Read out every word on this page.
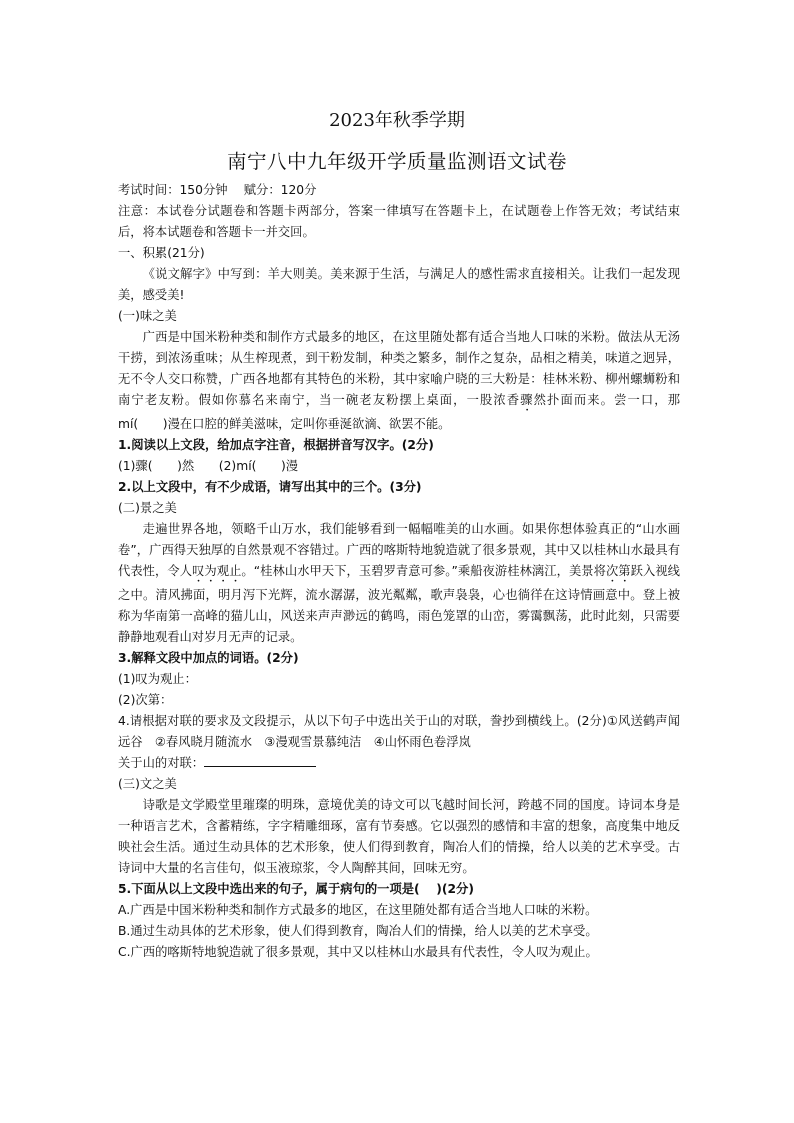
2023年秋季学期
南宁八中九年级开学质量监测语文试卷

考试时间：150分钟　 赋分：120分

注意：本试卷分试题卷和答题卡两部分，答案一律填写在答题卡上，在试题卷上作答无效；考试结束后，将本试题卷和答题卡一并交回。

一、积累(21分)

《说文解字》中写到：羊大则美。美来源于生活，与满足人的感性需求直接相关。让我们一起发现美，感受美!

(一)味之美

广西是中国米粉种类和制作方式最多的地区，在这里随处都有适合当地人口味的米粉。做法从无汤干捞，到浓汤重味；从生榨现煮，到干粉发制，种类之繁多，制作之复杂，品相之精美，味道之迥异，无不令人交口称赞，广西各地都有其特色的米粉，其中家喻户晓的三大粉是：桂林米粉、柳州螺蛳粉和南宁老友粉。假如你慕名来南宁，当一碗老友粉摆上桌面，一股浓香骤然扑面而来。尝一口，那 mí(　　)漫在口腔的鲜美滋味，定叫你垂涎欲滴、欲罢不能。

1.阅读以上文段，给加点字注音，根据拼音写汉字。(2分)

(1)骤(　　)然　　(2)mí(　　)漫

2.以上文段中，有不少成语，请写出其中的三个。(3分)

(二)景之美

走遍世界各地，领略千山万水，我们能够看到一幅幅唯美的山水画。如果你想体验真正的“山水画卷”，广西得天独厚的自然景观不容错过。广西的喀斯特地貌造就了很多景观，其中又以桂林山水最具有代表性，令人叹为观止。“桂林山水甲天下，玉碧罗青意可参。”乘船夜游桂林漓江，美景将次第跃入视线之中。清风拂面，明月泻下光辉，流水潺潺，波光粼粼，歌声袅袅，心也徜徉在这诗情画意中。登上被称为华南第一高峰的猫儿山，风送来声声渺远的鹤鸣，雨色笼罩的山峦，雾霭飘荡，此时此刻，只需要静静地观看山对岁月无声的记录。

3.解释文段中加点的词语。(2分)

(1)叹为观止：

(2)次第：

4.请根据对联的要求及文段提示，从以下句子中选出关于山的对联，誊抄到横线上。(2分)①风送鹤声闻远谷　②春风晓月随流水　③漫观雪景慕纯洁　④山怀雨色卷浮岚

关于山的对联：

(三)文之美

诗歌是文学殿堂里璀璨的明珠，意境优美的诗文可以飞越时间长河，跨越不同的国度。诗词本身是一种语言艺术，含蓄精练，字字精雕细琢，富有节奏感。它以强烈的感情和丰富的想象，高度集中地反映社会生活。通过生动具体的艺术形象，使人们得到教育，陶冶人们的情操，给人以美的艺术享受。古诗词中大量的名言佳句，似玉液琼浆，令人陶醉其间，回味无穷。

5.下面从以上文段中选出来的句子，属于病句的一项是(　 )(2分)

A.广西是中国米粉种类和制作方式最多的地区，在这里随处都有适合当地人口味的米粉。

B.通过生动具体的艺术形象，使人们得到教育，陶冶人们的情操，给人以美的艺术享受。

C.广西的喀斯特地貌造就了很多景观，其中又以桂林山水最具有代表性，令人叹为观止。
